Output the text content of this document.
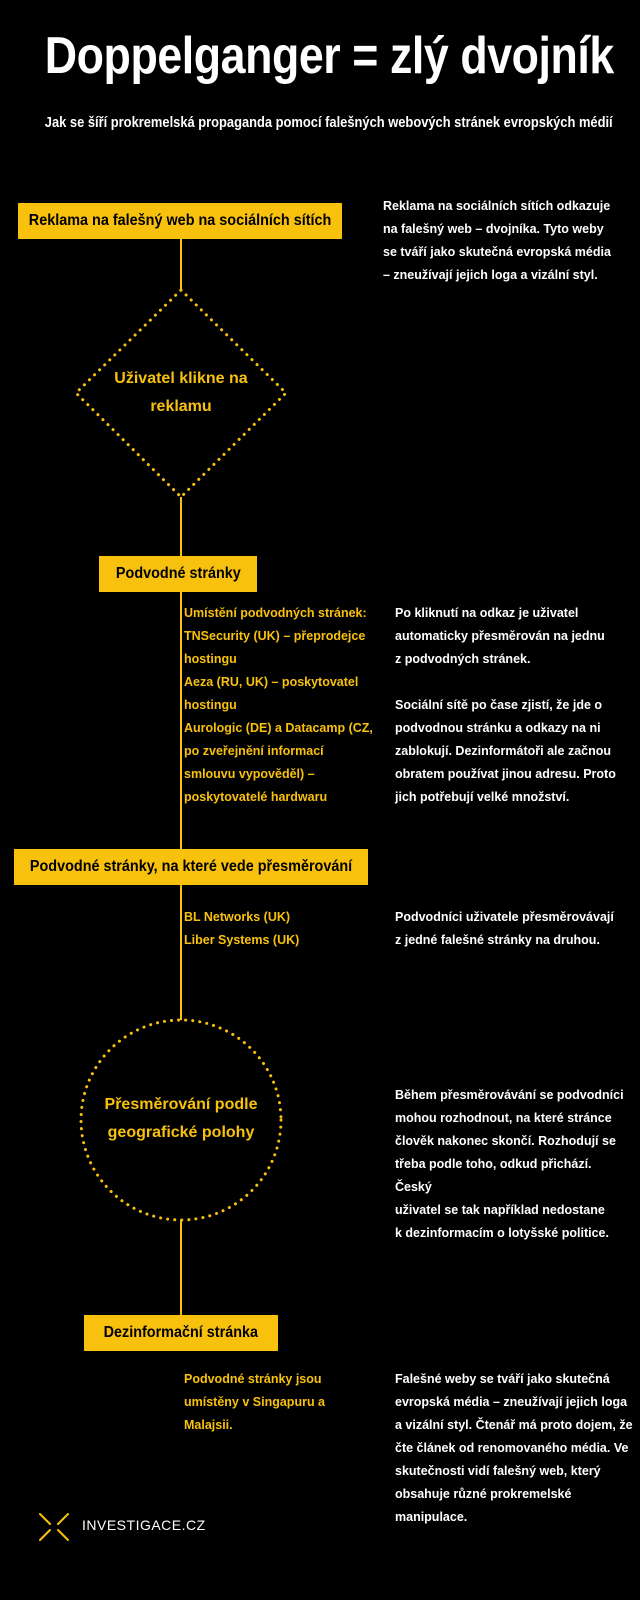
Doppelganger = zlý dvojník
Jak se šíří prokremelská propaganda pomocí falešných webových stránek evropských médií
Reklama na falešný web na sociálních sítích
Reklama na sociálních sítích odkazuje
na falešný web – dvojníka. Tyto weby
se tváří jako skutečná evropská média
– zneužívají jejich loga a vizální styl.
Uživatel klikne na
reklamu
Podvodné stránky
Umístění podvodných stránek:
TNSecurity (UK) – přeprodejce
hostingu
Aeza (RU, UK) – poskytovatel
hostingu
Aurologic (DE) a Datacamp (CZ,
po zveřejnění informací
smlouvu vypověděl) –
poskytovatelé hardwaru
Po kliknutí na odkaz je uživatel
automaticky přesměrován na jednu
z podvodných stránek.
Sociální sítě po čase zjistí, že jde o
podvodnou stránku a odkazy na ni
zablokují. Dezinformátoři ale začnou
obratem používat jinou adresu. Proto
jich potřebují velké množství.
Podvodné stránky, na které vede přesměrování
BL Networks (UK)
Liber Systems (UK)
Podvodníci uživatele přesměrovávají
z jedné falešné stránky na druhou.
Přesměrování podle
geografické polohy
Během přesměrovávání se podvodníci
mohou rozhodnout, na které stránce
člověk nakonec skončí. Rozhodují se
třeba podle toho, odkud přichází. Český
uživatel se tak například nedostane
k dezinformacím o lotyšské politice.
Dezinformační stránka
Podvodné stránky jsou
umístěny v Singapuru a
Malajsii.
Falešné weby se tváří jako skutečná
evropská média – zneužívají jejich loga
a vizální styl. Čtenář má proto dojem, že
čte článek od renomovaného média. Ve
skutečnosti vidí falešný web, který
obsahuje různé prokremelské
manipulace.
INVESTIGACE.CZ
